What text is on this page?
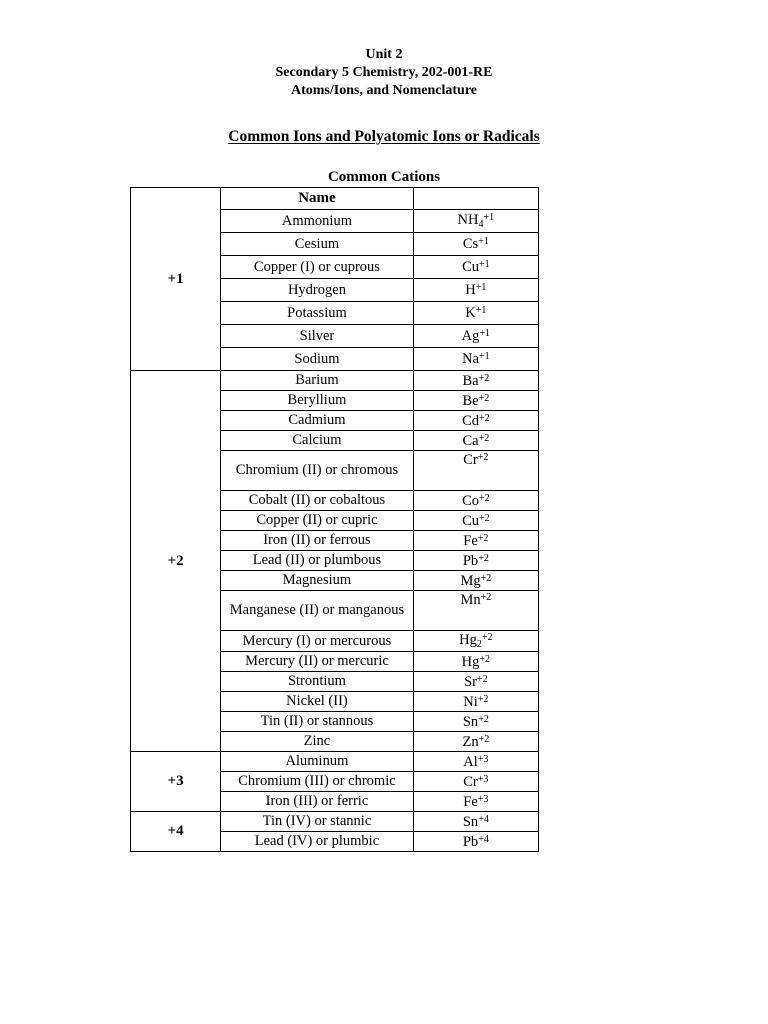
Unit 2
Secondary 5 Chemistry, 202-001-RE
Atoms/Ions, and Nomenclature
Common Ions and Polyatomic Ions or Radicals
Common Cations
+1	Name	
	Ammonium	$NH_4^{+1}$
	Cesium	$Cs^{+1}$
	Copper (I) or cuprous	$Cu^{+1}$
	Hydrogen	$H^{+1}$
	Potassium	$K^{+1}$
	Silver	$Ag^{+1}$
	Sodium	$Na^{+1}$
+2	Barium	$Ba^{+2}$
	Beryllium	$Be^{+2}$
	Cadmium	$Cd^{+2}$
	Calcium	$Ca^{+2}$
	Chromium (II) or chromous	$Cr^{+2}$
	Cobalt (II) or cobaltous	$Co^{+2}$
	Copper (II) or cupric	$Cu^{+2}$
	Iron (II) or ferrous	$Fe^{+2}$
	Lead (II) or plumbous	$Pb^{+2}$
	Magnesium	$Mg^{+2}$
	Manganese (II) or manganous	$Mn^{+2}$
	Mercury (I) or mercurous	$Hg_2^{+2}$
	Mercury (II) or mercuric	$Hg^{+2}$
	Strontium	$Sr^{+2}$
	Nickel (II)	$Ni^{+2}$
	Tin (II) or stannous	$Sn^{+2}$
	Zinc	$Zn^{+2}$
+3	Aluminum	$Al^{+3}$
	Chromium (III) or chromic	$Cr^{+3}$
	Iron (III) or ferric	$Fe^{+3}$
+4	Tin (IV) or stannic	$Sn^{+4}$
	Lead (IV) or plumbic	$Pb^{+4}$
